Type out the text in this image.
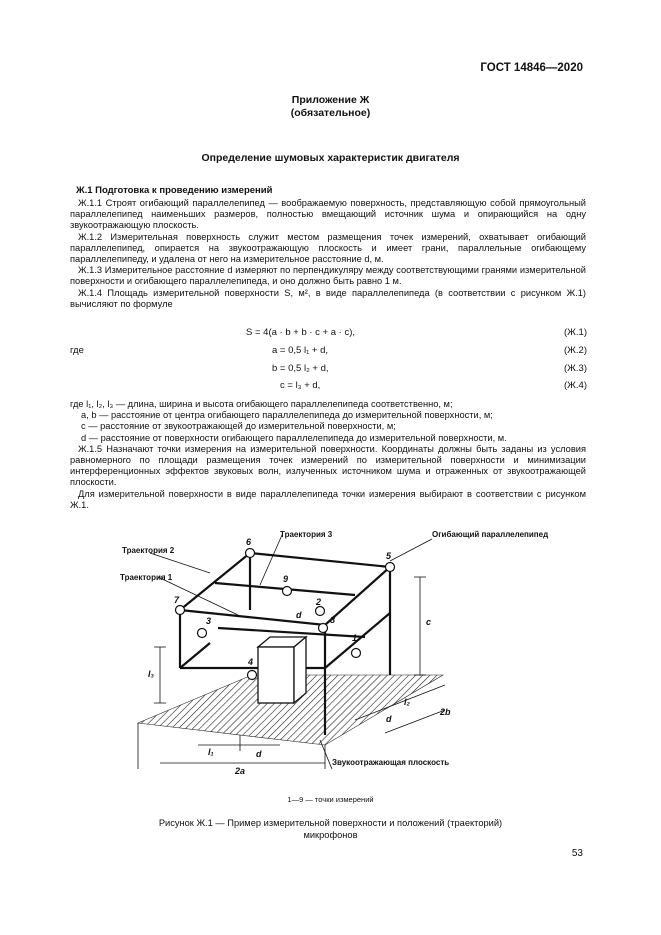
ГОСТ 14846—2020
Приложение Ж
(обязательное)
Определение шумовых характеристик двигателя
Ж.1 Подготовка к проведению измерений

Ж.1.1 Строят огибающий параллелепипед — воображаемую поверхность, представляющую собой прямоугольный параллелепипед наименьших размеров, полностью вмещающий источник шума и опирающийся на одну звукоотражающую плоскость.

Ж.1.2 Измерительная поверхность служит местом размещения точек измерений, охватывает огибающий параллелепипед, опирается на звукоотражающую плоскость и имеет грани, параллельные огибающему параллелепипеду, и удалена от него на измерительное расстояние d, м.

Ж.1.3 Измерительное расстояние d измеряют по перпендикуляру между соответствующими гранями измерительной поверхности и огибающего параллелепипеда, и оно должно быть равно 1 м.

Ж.1.4 Площадь измерительной поверхности S, м², в виде параллелепипеда (в соответствии с рисунком Ж.1) вычисляют по формуле

S = 4(a · b + b · c + a · c),	(Ж.1)
где	a = 0,5 l₁ + d,	(Ж.2)
b = 0,5 l₂ + d,	(Ж.3)
c = l₃ + d,	(Ж.4)

где l₁, l₂, l₃ — длина, ширина и высота огибающего параллелепипеда соответственно, м;

a, b — расстояние от центра огибающего параллелепипеда до измерительной поверхности, м;

c — расстояние от звукоотражающей до измерительной поверхности, м;

d — расстояние от поверхности огибающего параллелепипеда до измерительной поверхности, м.

Ж.1.5 Назначают точки измерения на измерительной поверхности. Координаты должны быть заданы из условия равномерного по площади размещения точек измерений по измерительной поверхности и минимизации интерференционных эффектов звуковых волн, излученных источником шума и отраженных от звукоотражающей плоскости.

Для измерительной поверхности в виде параллелепипеда точки измерения выбирают в соответствии с рисунком Ж.1.

1
2
3
4
5
6
7
8
9
Траектория 2
Траектория 1
Траектория 3	Огибающий параллелепипед
Звукоотражающая плоскость
c
l₃
l₁	d
2a
l₂
d
2b
d
1—9 — точки измерений
Рисунок Ж.1 — Пример измерительной поверхности и положений (траекторий)
микрофонов
53
